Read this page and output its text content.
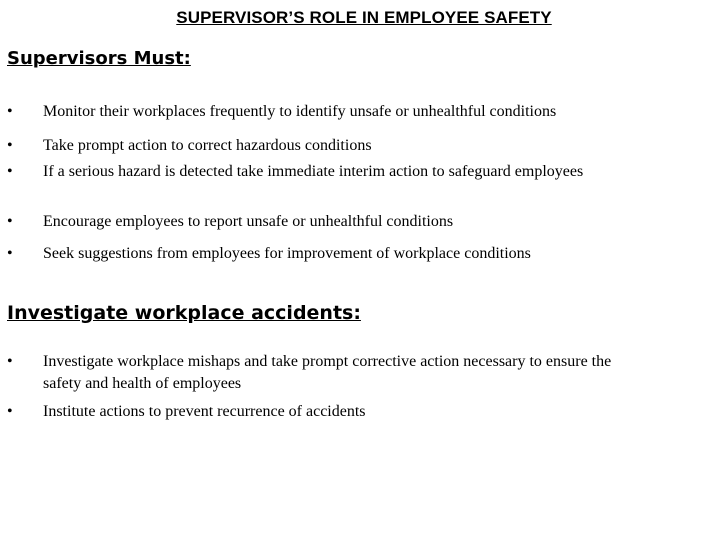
SUPERVISOR’S ROLE IN EMPLOYEE SAFETY
Supervisors Must:
• Monitor their workplaces frequently to identify unsafe or unhealthful conditions
• Take prompt action to correct hazardous conditions
• If a serious hazard is detected take immediate interim action to safeguard employees
• Encourage employees to report unsafe or unhealthful conditions
• Seek suggestions from employees for improvement of workplace conditions
Investigate workplace accidents:
• Investigate workplace mishaps and take prompt corrective action necessary to ensure the safety and health of employees
• Institute actions to prevent recurrence of accidents
